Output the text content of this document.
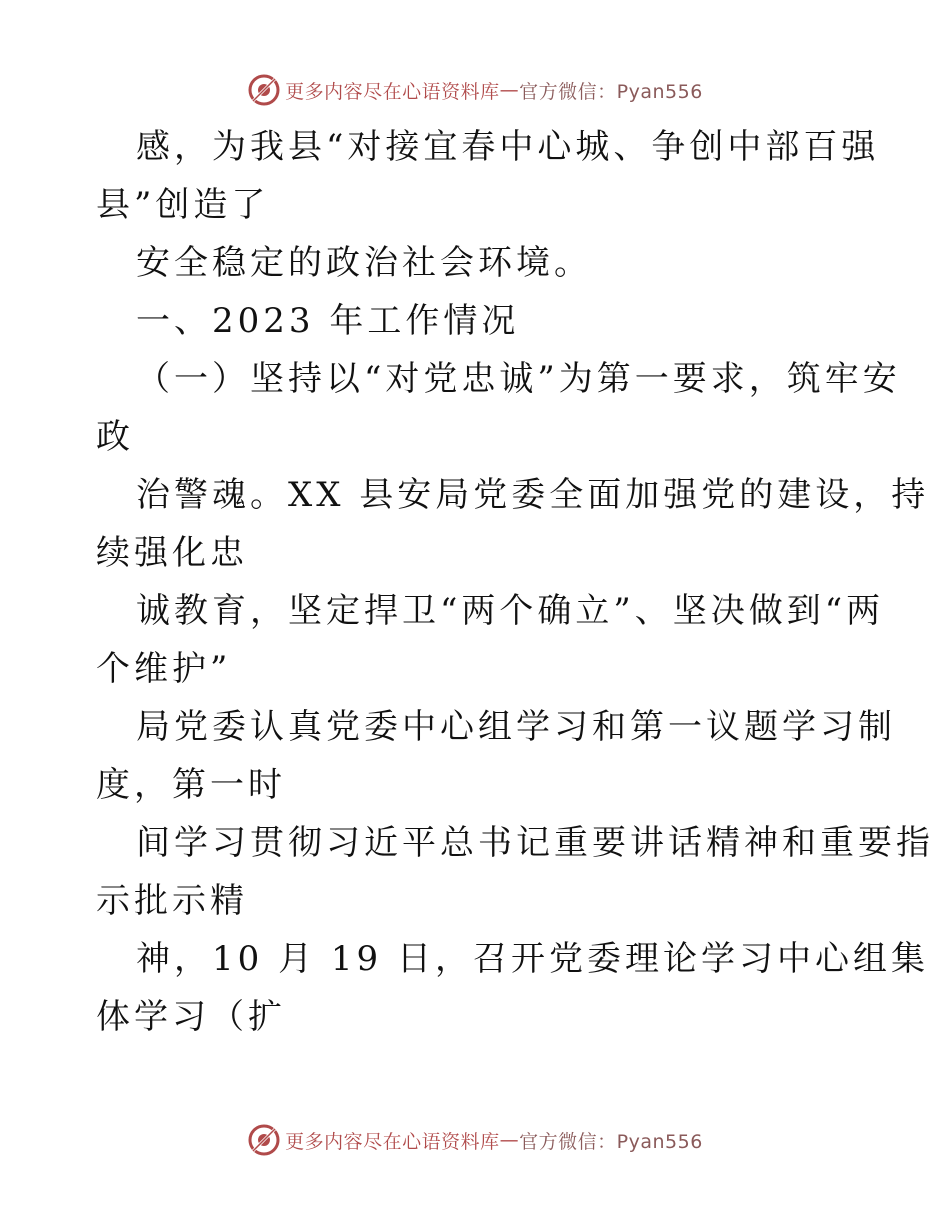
更多内容尽在心语资料库 — 官方微信：Pyan556
感，为我县“对接宜春中心城、争创中部百强
县”创造了
安全稳定的政治社会环境。
一、2023 年工作情况
（一）坚持以“对党忠诚”为第一要求，筑牢安
政
治警魂。XX 县安局党委全面加强党的建设，持
续强化忠
诚教育，坚定捍卫“两个确立”、坚决做到“两
个维护”
局党委认真党委中心组学习和第一议题学习制
度，第一时
间学习贯彻习近平总书记重要讲话精神和重要指
示批示精
神，10 月 19 日，召开党委理论学习中心组集
体学习（扩
更多内容尽在心语资料库 — 官方微信：Pyan556
